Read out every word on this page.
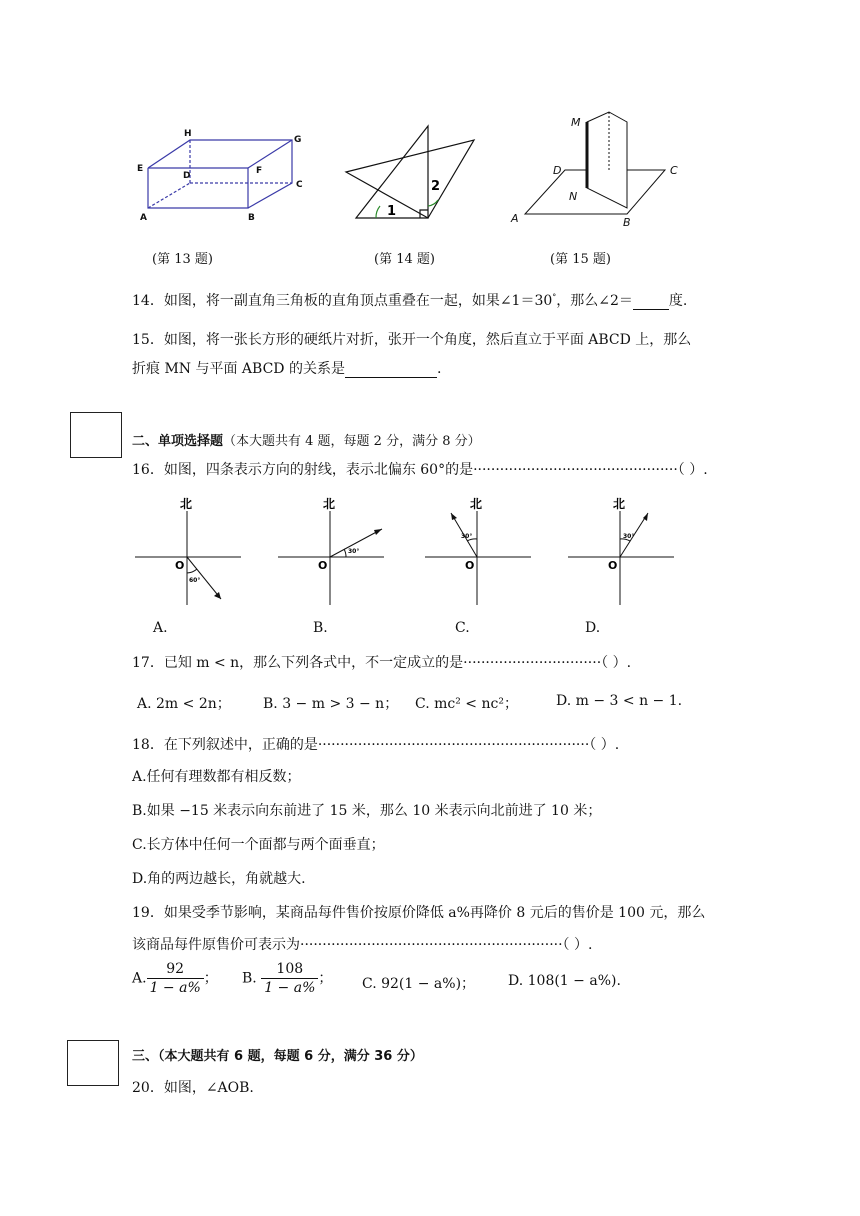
H
G
E
D	F
C
A	B
(第 13 题)
1
2
(第 14 题)
M
D	C
N
A	B
(第 15 题)
14．如图，将一副直角三角板的直角顶点重叠在一起，如果∠1＝30°，那么∠2＝	度.
15．如图，将一张长方形的硬纸片对折，张开一个角度，然后直立于平面 ABCD 上，那么
折痕 MN 与平面 ABCD 的关系是	.
二、单项选择题（本大题共有 4 题，每题 2 分，满分 8 分）
16．如图，四条表示方向的射线，表示北偏东 60°的是··············································（ ）.
北
O
60°
北
O
30°
北
O
30°
北
O
30°
A.	B.	C.	D.
17．已知 m < n，那么下列各式中，不一定成立的是·······························（ ）.
A. 2m < 2n； B. 3 − m > 3 − n； C. mc² < nc²；	D. m − 3 < n − 1.
18．在下列叙述中，正确的是·····························································（ ）.
A.任何有理数都有相反数；
B.如果 −15 米表示向东前进了 15 米，那么 10 米表示向北前进了 10 米；
C.长方体中任何一个面都与两个面垂直；
D.角的两边越长，角就越大.
19．如果受季节影响，某商品每件售价按原价降低 a%再降价 8 元后的售价是 100 元，那么
该商品每件原售价可表示为···························································（ ）.
A. $\frac{92}{1 - a\%}$ ； B. $\frac{108}{1 - a\%}$ ； C. 92(1 − a%)； D. 108(1 − a%).
三、（本大题共有 6 题，每题 6 分，满分 36 分）
20．如图，∠AOB.
